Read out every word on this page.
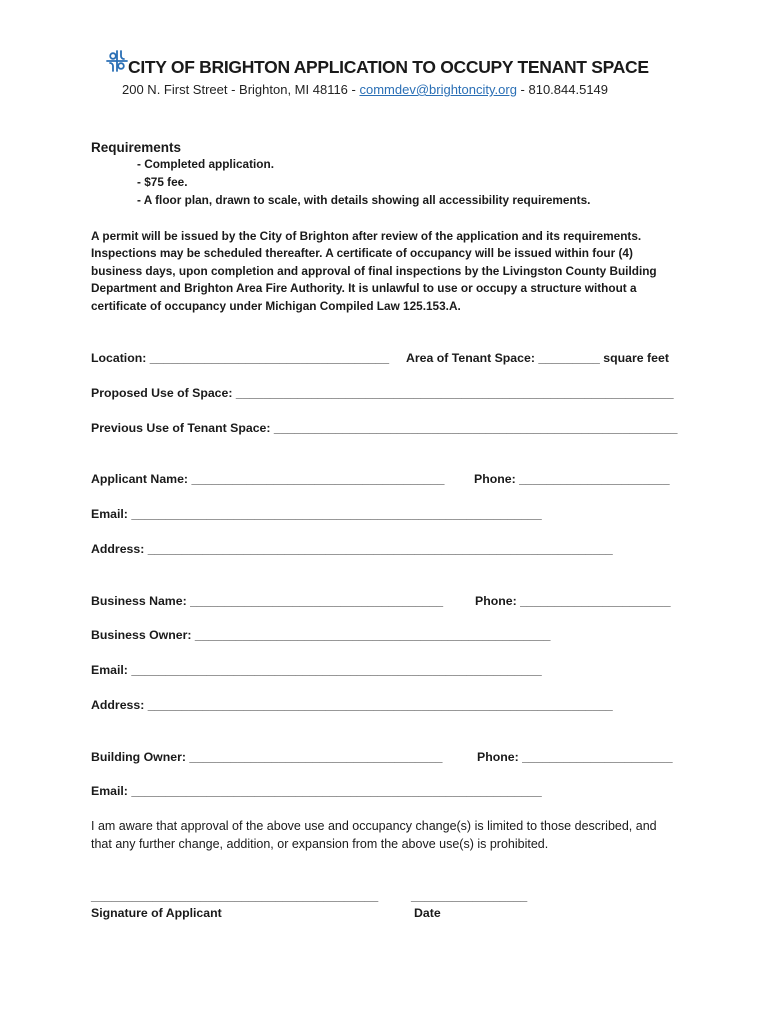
CITY OF BRIGHTON APPLICATION TO OCCUPY TENANT SPACE
200 N. First Street - Brighton, MI 48116 - commdev@brightoncity.org - 810.844.5149
Requirements
- Completed application.
- $75 fee.
- A floor plan, drawn to scale, with details showing all accessibility requirements.
A permit will be issued by the City of Brighton after review of the application and its requirements.
Inspections may be scheduled thereafter. A certificate of occupancy will be issued within four (4)
business days, upon completion and approval of final inspections by the Livingston County Building
Department and Brighton Area Fire Authority. It is unlawful to use or occupy a structure without a
certificate of occupancy under Michigan Compiled Law 125.153.A.
Location: ___________________________________ Area of Tenant Space: _________ square feet
Proposed Use of Space: ________________________________________________________________
Previous Use of Tenant Space: ___________________________________________________________
Applicant Name: _____________________________________ Phone: ______________________
Email: ____________________________________________________________
Address: ____________________________________________________________________
Business Name: _____________________________________	Phone: ______________________
Business Owner: ____________________________________________________
Email: ____________________________________________________________
Address: ____________________________________________________________________
Building Owner: _____________________________________	Phone: ______________________
Email: ____________________________________________________________
I am aware that approval of the above use and occupancy change(s) is limited to those described, and
that any further change, addition, or expansion from the above use(s) is prohibited.
__________________________________________	_________________
Signature of Applicant	Date
